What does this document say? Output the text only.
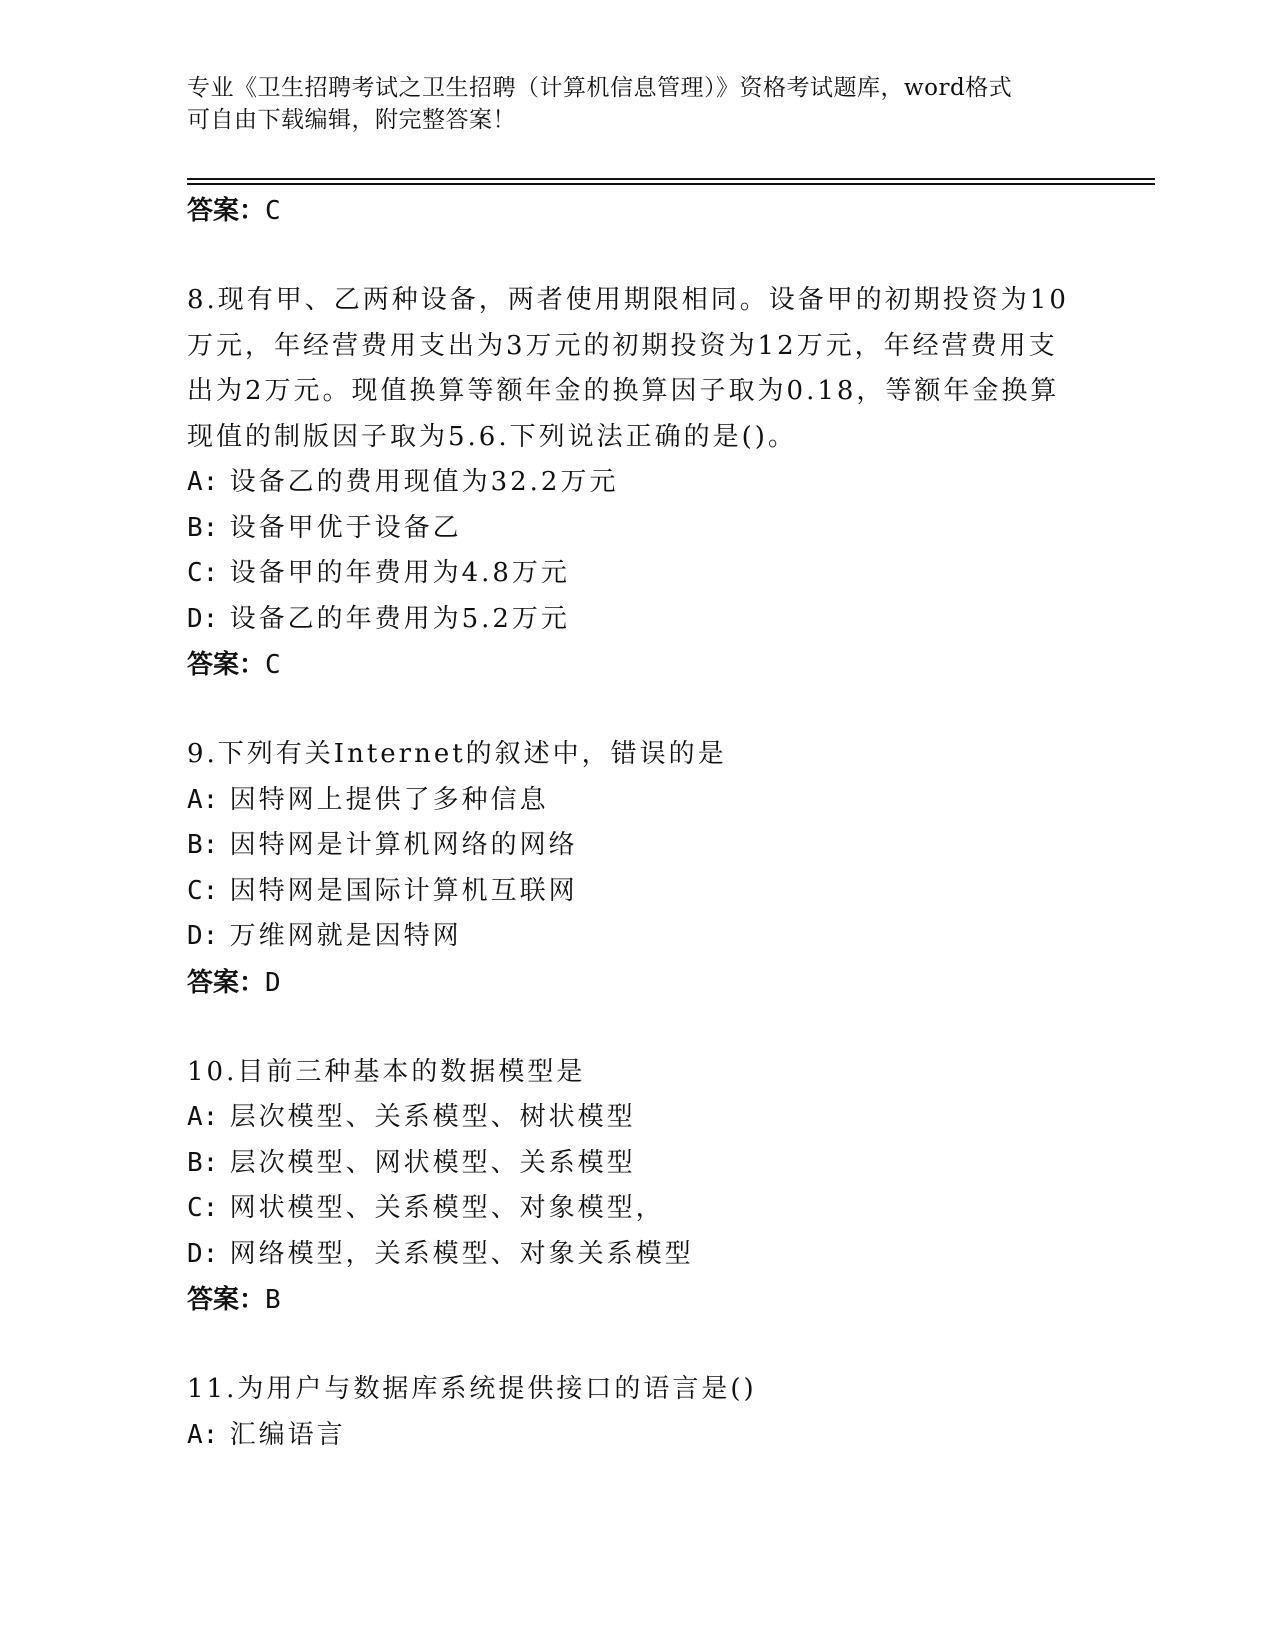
专业《卫生招聘考试之卫生招聘（计算机信息管理）》资格考试题库，word格式
可自由下载编辑，附完整答案！
答案：C
8.现有甲、乙两种设备，两者使用期限相同。设备甲的初期投资为10
万元，年经营费用支出为3万元的初期投资为12万元，年经营费用支
出为2万元。现值换算等额年金的换算因子取为0.18，等额年金换算
现值的制版因子取为5.6.下列说法正确的是()。
A: 设备乙的费用现值为32.2万元
B: 设备甲优于设备乙
C: 设备甲的年费用为4.8万元
D: 设备乙的年费用为5.2万元
答案：C
9.下列有关Internet的叙述中，错误的是
A: 因特网上提供了多种信息
B: 因特网是计算机网络的网络
C: 因特网是国际计算机互联网
D: 万维网就是因特网
答案：D
10.目前三种基本的数据模型是
A: 层次模型、关系模型、树状模型
B: 层次模型、网状模型、关系模型
C: 网状模型、关系模型、对象模型，
D: 网络模型，关系模型、对象关系模型
答案：B
11.为用户与数据库系统提供接口的语言是()
A: 汇编语言
